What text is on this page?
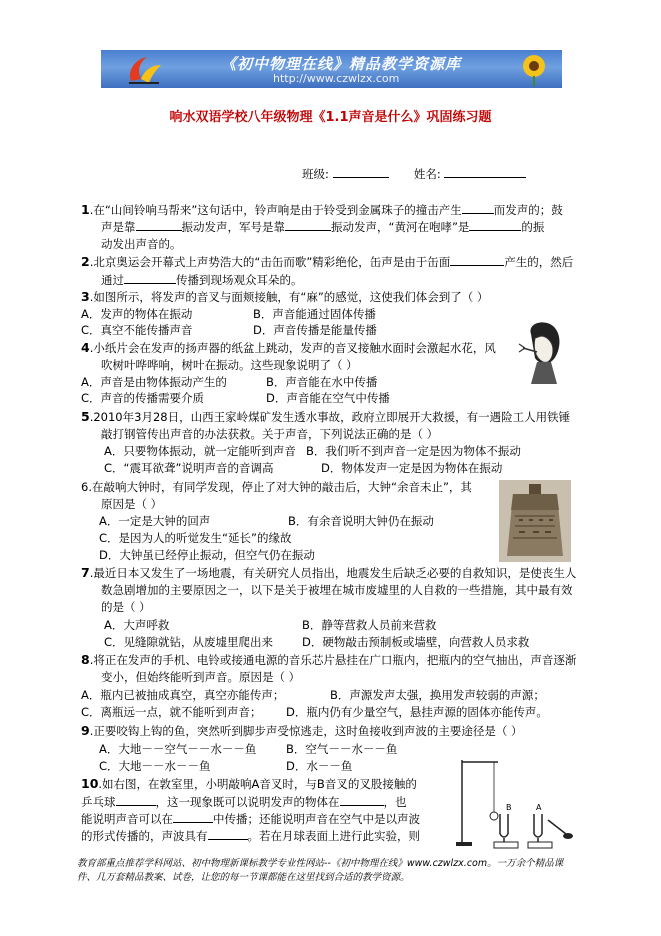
《初中物理在线》精品教学资源库
http://www.czwlzx.com
响水双语学校八年级物理《1.1声音是什么》巩固练习题
班级:	姓名:
1.在“山间铃响马帮来”这句话中，铃声响是由于铃受到金属珠子的撞击产生	而发声的；鼓
声是靠	振动发声，军号是靠	振动发声，“黄河在咆哮”是	的振
动发出声音的。
2.北京奥运会开幕式上声势浩大的“击缶而歌”精彩绝伦，缶声是由于缶面	产生的，然后
通过	传播到现场观众耳朵的。
3.如图所示，将发声的音叉与面颊接触，有“麻”的感觉，这使我们体会到了（ ）
A．发声的物体在振动	B．声音能通过固体传播
C．真空不能传播声音	D．声音传播是能量传播
4.小纸片会在发声的扬声器的纸盆上跳动，发声的音叉接触水面时会激起水花，风
吹树叶哗哗响，树叶在振动。这些现象说明了（ ）
A．声音是由物体振动产生的	B．声音能在水中传播
C．声音的传播需要介质	D．声音能在空气中传播
5.2010年3月28日，山西王家岭煤矿发生透水事故，政府立即展开大救援，有一遇险工人用铁锤
敲打钢管传出声音的办法获救。关于声音，下列说法正确的是（ ）
A．只要物体振动，就一定能听到声音 B．我们听不到声音一定是因为物体不振动
C．“震耳欲聋”说明声音的音调高	D．物体发声一定是因为物体在振动
6.在敲响大钟时，有同学发现，停止了对大钟的敲击后，大钟“余音未止”，其
原因是（ ）
A．一定是大钟的回声	B．有余音说明大钟仍在振动
C．是因为人的听觉发生“延长”的缘故
D．大钟虽已经停止振动，但空气仍在振动
7.最近日本又发生了一场地震，有关研究人员指出，地震发生后缺乏必要的自救知识，是使丧生人
数急剧增加的主要原因之一，以下是关于被埋在城市废墟里的人自救的一些措施，其中最有效
的是（ ）
A．大声呼救	B．静等营救人员前来营救
C．见缝隙就钻，从废墟里爬出来	D．硬物敲击预制板或墙壁，向营救人员求救
8.将正在发声的手机、电铃或接通电源的音乐芯片悬挂在广口瓶内，把瓶内的空气抽出，声音逐渐
变小，但始终能听到声音。原因是（ ）
A．瓶内已被抽成真空，真空亦能传声；	B．声源发声太强，换用发声较弱的声源；
C．离瓶远一点，就不能听到声音； D．瓶内仍有少量空气，悬挂声源的固体亦能传声。
9.正要咬钩上钩的鱼，突然听到脚步声受惊逃走，这时鱼接收到声波的主要途径是（ ）
A．大地－－空气－－水－－鱼	B．空气－－水－－鱼
C．大地－－水－－鱼	D．水－－鱼
10.如右图，在敦室里，小明敲响A音叉时，与B音叉的叉股接触的
乒乓球	，这一现象既可以说明发声的物体在	，也
能说明声音可以在	中传播；还能说明声音在空气中是以声波
的形式传播的，声波具有	。若在月球表面上进行此实验，则
B	A
教育部重点推荐学科网站、初中物理新课标教学专业性网站--《初中物理在线》www.czwlzx.com。一万余个精品课
件、几万套精品教案、试卷，让您的每一节课都能在这里找到合适的教学资源。
